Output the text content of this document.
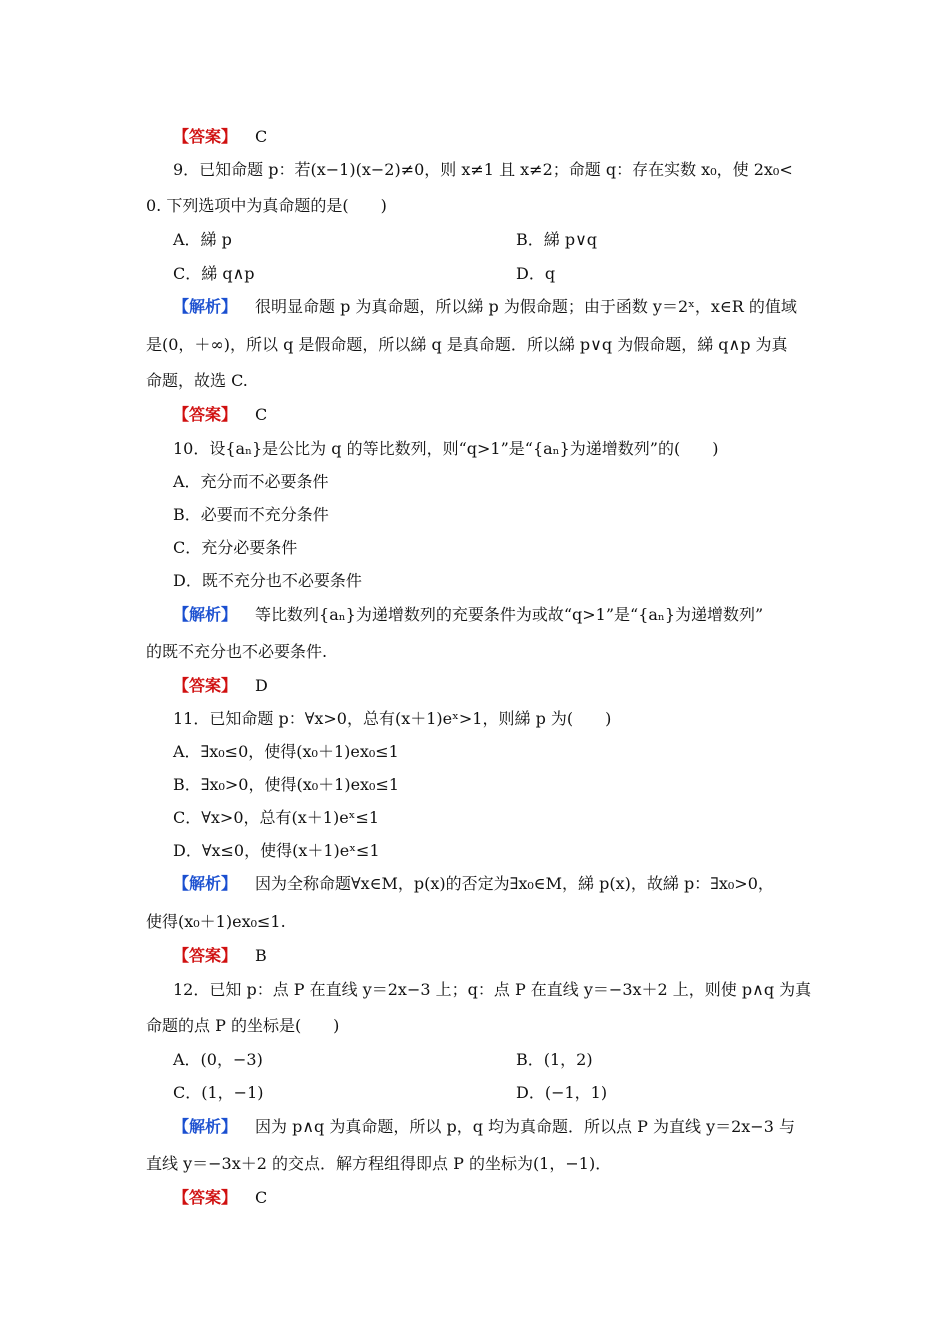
【答案】 C
9．已知命题 p：若(x−1)(x−2)≠0，则 x≠1 且 x≠2；命题 q：存在实数 x₀，使 2x₀<
0. 下列选项中为真命题的是(　　)
A．綈 p	B．綈 p∨q
C．綈 q∧p	D．q
【解析】 很明显命题 p 为真命题，所以綈 p 为假命题；由于函数 y＝2ˣ，x∈R 的值域
是(0，＋∞)，所以 q 是假命题，所以綈 q 是真命题．所以綈 p∨q 为假命题，綈 q∧p 为真
命题，故选 C.
【答案】 C
10．设{aₙ}是公比为 q 的等比数列，则“q>1”是“{aₙ}为递增数列”的(　　)
A．充分而不必要条件
B．必要而不充分条件
C．充分必要条件
D．既不充分也不必要条件
【解析】 等比数列{aₙ}为递增数列的充要条件为或故“q>1”是“{aₙ}为递增数列”
的既不充分也不必要条件.
【答案】 D
11．已知命题 p：∀x>0，总有(x＋1)eˣ>1，则綈 p 为(　　)
A．∃x₀≤0，使得(x₀＋1)ex₀≤1
B．∃x₀>0，使得(x₀＋1)ex₀≤1
C．∀x>0，总有(x＋1)eˣ≤1
D．∀x≤0，使得(x＋1)eˣ≤1
【解析】 因为全称命题∀x∈M，p(x)的否定为∃x₀∈M，綈 p(x)，故綈 p：∃x₀>0，
使得(x₀＋1)ex₀≤1.
【答案】 B
12．已知 p：点 P 在直线 y＝2x−3 上；q：点 P 在直线 y＝−3x＋2 上，则使 p∧q 为真
命题的点 P 的坐标是(　　)
A．(0，−3)	B．(1，2)
C．(1，−1)	D．(−1，1)
【解析】 因为 p∧q 为真命题，所以 p，q 均为真命题．所以点 P 为直线 y＝2x−3 与
直线 y＝−3x＋2 的交点．解方程组得即点 P 的坐标为(1，−1)．
【答案】 C
